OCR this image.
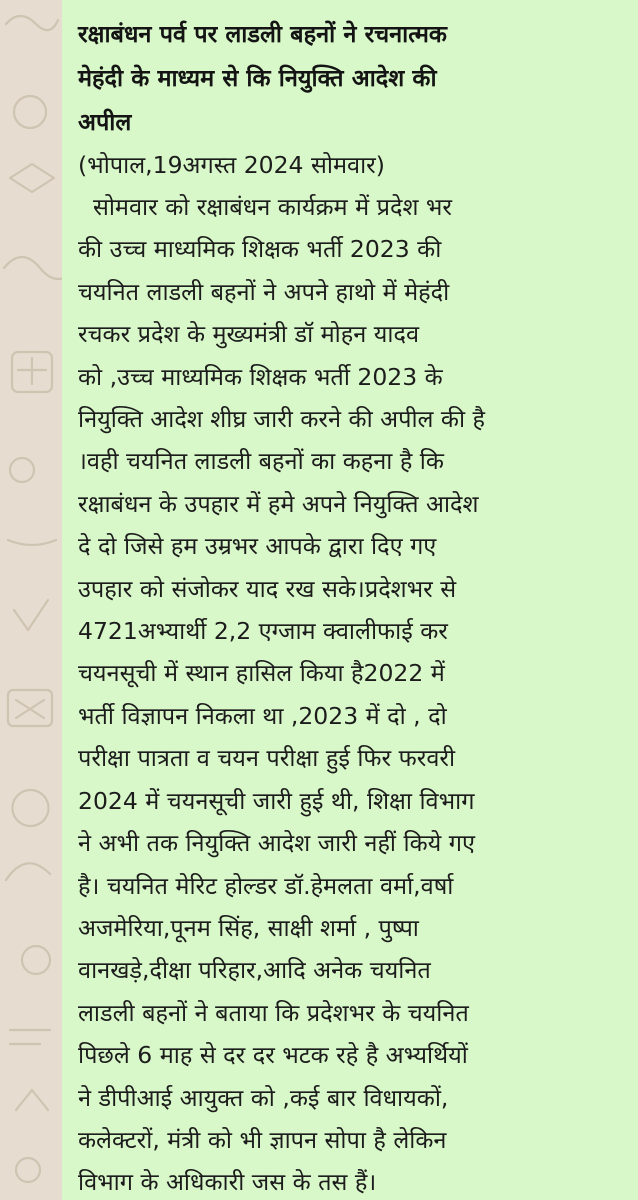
रक्षाबंधन पर्व पर लाडली बहनों ने रचनात्मक
मेहंदी के माध्यम से कि नियुक्ति आदेश की
अपील

(भोपाल,19अगस्त 2024 सोमवार)

सोमवार को रक्षाबंधन कार्यक्रम में प्रदेश भर
की उच्च माध्यमिक शिक्षक भर्ती 2023 की
चयनित लाडली बहनों ने अपने हाथो में मेहंदी
रचकर प्रदेश के मुख्यमंत्री डॉ मोहन यादव
को ,उच्च माध्यमिक शिक्षक भर्ती 2023 के
नियुक्ति आदेश शीघ्र जारी करने की अपील की है
।वही चयनित लाडली बहनों का कहना है कि
रक्षाबंधन के उपहार में हमे अपने नियुक्ति आदेश
दे दो जिसे हम उम्रभर आपके द्वारा दिए गए
उपहार को संजोकर याद रख सके।प्रदेशभर से
4721अभ्यार्थी 2,2 एग्जाम क्वालीफाई कर
चयनसूची में स्थान हासिल किया है2022 में
भर्ती विज्ञापन निकला था ,2023 में दो , दो
परीक्षा पात्रता व चयन परीक्षा हुई फिर फरवरी
2024 में चयनसूची जारी हुई थी, शिक्षा विभाग
ने अभी तक नियुक्ति आदेश जारी नहीं किये गए
है। चयनित मेरिट होल्डर डॉ.हेमलता वर्मा,वर्षा
अजमेरिया,पूनम सिंह, साक्षी शर्मा , पुष्पा
वानखड़े,दीक्षा परिहार,आदि अनेक चयनित
लाडली बहनों ने बताया कि प्रदेशभर के चयनित
पिछले 6 माह से दर दर भटक रहे है अभ्यर्थियों
ने डीपीआई आयुक्त को ,कई बार विधायकों,
कलेक्टरों, मंत्री को भी ज्ञापन सोपा है लेकिन
विभाग के अधिकारी जस के तस हैं।
